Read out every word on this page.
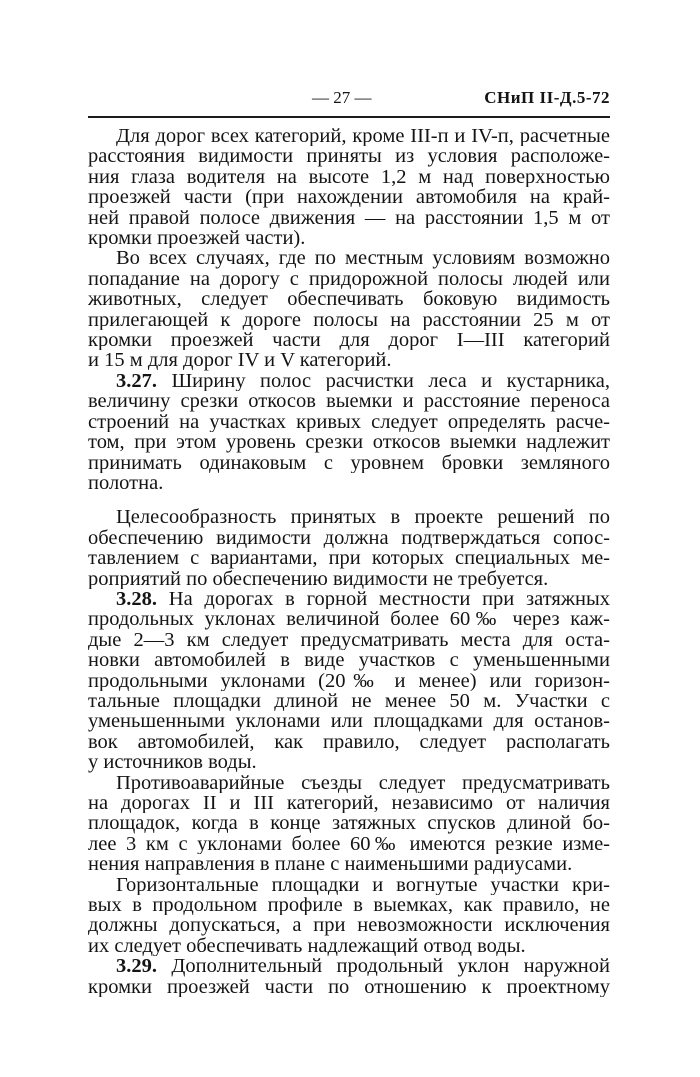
— 27 —	СНиП II-Д.5-72

Для дорог всех категорий, кроме III-п и IV-п, расчетные
расстояния видимости приняты из условия расположе-
ния глаза водителя на высоте 1,2 м над поверхностью
проезжей части (при нахождении автомобиля на край-
ней правой полосе движения — на расстоянии 1,5 м от
кромки проезжей части).

Во всех случаях, где по местным условиям возможно
попадание на дорогу с придорожной полосы людей или
животных, следует обеспечивать боковую видимость
прилегающей к дороге полосы на расстоянии 25 м от
кромки проезжей части для дорог I—III категорий
и 15 м для дорог IV и V категорий.

3.27. Ширину полос расчистки леса и кустарника,
величину срезки откосов выемки и расстояние переноса
строений на участках кривых следует определять расче-
том, при этом уровень срезки откосов выемки надлежит
принимать одинаковым с уровнем бровки земляного
полотна.

Целесообразность принятых в проекте решений по
обеспечению видимости должна подтверждаться сопос-
тавлением с вариантами, при которых специальных ме-
роприятий по обеспечению видимости не требуется.

3.28. На дорогах в горной местности при затяжных
продольных уклонах величиной более 60‰ через каж-
дые 2—3 км следует предусматривать места для оста-
новки автомобилей в виде участков с уменьшенными
продольными уклонами (20‰ и менее) или горизон-
тальные площадки длиной не менее 50 м. Участки с
уменьшенными уклонами или площадками для останов-
вок автомобилей, как правило, следует располагать
у источников воды.

Противоаварийные съезды следует предусматривать
на дорогах II и III категорий, независимо от наличия
площадок, когда в конце затяжных спусков длиной бо-
лее 3 км с уклонами более 60‰ имеются резкие изме-
нения направления в плане с наименьшими радиусами.

Горизонтальные площадки и вогнутые участки кри-
вых в продольном профиле в выемках, как правило, не
должны допускаться, а при невозможности исключения
их следует обеспечивать надлежащий отвод воды.

3.29. Дополнительный продольный уклон наружной
кромки проезжей части по отношению к проектному
